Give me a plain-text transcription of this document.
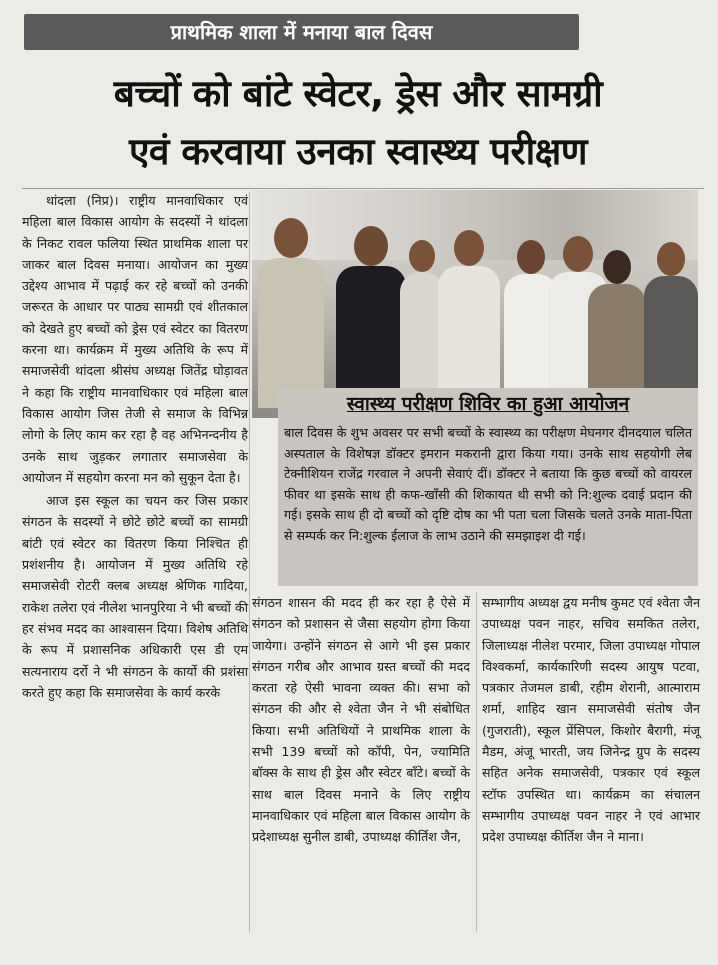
प्राथमिक शाला में मनाया बाल दिवस
बच्चों को बांटे स्वेटर, ड्रेस और सामग्री
एवं करवाया उनका स्वास्थ्य परीक्षण

थांदला (निप्र)। राष्ट्रीय मानवाधिकार एवं महिला बाल विकास आयोग के सदस्यों ने थांदला के निकट रावल फलिया स्थित प्राथमिक शाला पर जाकर बाल दिवस मनाया। आयोजन का मुख्य उद्देश्य आभाव में पढ़ाई कर रहे बच्चों को उनकी जरूरत के आधार पर पाठ्य सामग्री एवं शीतकाल को देखते हुए बच्चों को ड्रेस एवं स्वेटर का वितरण करना था। कार्यक्रम में मुख्य अतिथि के रूप में समाजसेवी थांदला श्रीसंघ अध्यक्ष जितेंद्र घोड़ावत ने कहा कि राष्ट्रीय मानवाधिकार एवं महिला बाल विकास आयोग जिस तेजी से समाज के विभिन्न लोगो के लिए काम कर रहा है वह अभिनन्दनीय है उनके साथ जुड़कर लगातार समाजसेवा के आयोजन में सहयोग करना मन को सुकून देता है।

आज इस स्कूल का चयन कर जिस प्रकार संगठन के सदस्यों ने छोटे छोटे बच्चों का सामग्री बांटी एवं स्वेटर का वितरण किया निश्चित ही प्रशंशनीय है। आयोजन में मुख्य अतिथि रहे समाजसेवी रोटरी क्लब अध्यक्ष श्रेणिक गादिया, राकेश तलेरा एवं नीलेश भानपुरिया ने भी बच्चों की हर संभव मदद का आश्वासन दिया। विशेष अतिथि के रूप में प्रशासनिक अधिकारी एस डी एम सत्यनाराय दर्रो ने भी संगठन के कार्यो की प्रशंसा करते हुए कहा कि समाजसेवा के कार्य करके

स्वास्थ्य परीक्षण शिविर का हुआ आयोजन
बाल दिवस के शुभ अवसर पर सभी बच्चों के स्वास्थ्य का परीक्षण मेघनगर दीनदयाल चलित अस्पताल के विशेषज्ञ डॉक्टर इमरान मकरानी द्वारा किया गया। उनके साथ सहयोगी लेब टेक्नीशियन राजेंद्र गरवाल ने अपनी सेवाएं दीं। डॉक्टर ने बताया कि कुछ बच्चों को वायरल फीवर था इसके साथ ही कफ-खाँसी की शिकायत थी सभी को नि:शुल्क दवाई प्रदान की गई। इसके साथ ही दो बच्चों को दृष्टि दोष का भी पता चला जिसके चलते उनके माता-पिता से सम्पर्क कर नि:शुल्क ईलाज के लाभ उठाने की समझाइश दी गई।

संगठन शासन की मदद ही कर रहा है ऐसे में संगठन को प्रशासन से जैसा सहयोग होगा किया जायेगा। उन्होंने संगठन से आगे भी इस प्रकार संगठन गरीब और आभाव ग्रस्त बच्चों की मदद करता रहे ऐसी भावना व्यक्त की। सभा को संगठन की और से श्वेता जैन ने भी संबोधित किया। सभी अतिथियों ने प्राथमिक शाला के सभी 139 बच्चों को कॉपी, पेन, ज्यामिति बॉक्स के साथ ही ड्रेस और स्वेटर बाँटे। बच्चों के साथ बाल दिवस मनाने के लिए राष्ट्रीय मानवाधिकार एवं महिला बाल विकास आयोग के प्रदेशाध्यक्ष सुनील डाबी, उपाध्यक्ष कीर्तिश जैन,

सम्भागीय अध्यक्ष द्वय मनीष कुमट एवं श्वेता जैन उपाध्यक्ष पवन नाहर, सचिव समकित तलेरा, जिलाध्यक्ष नीलेश परमार, जिला उपाध्यक्ष गोपाल विश्वकर्मा, कार्यकारिणी सदस्य आयुष पटवा, पत्रकार तेजमल डाबी, रहीम शेरानी, आत्माराम शर्मा, शाहिद खान समाजसेवी संतोष जैन (गुजराती), स्कूल प्रेंसिपल, किशोर बैरागी, मंजू मैडम, अंजू भारती, जय जिनेन्द्र ग्रुप के सदस्य सहित अनेक समाजसेवी, पत्रकार एवं स्कूल स्टॉफ उपस्थित था। कार्यक्रम का संचालन सम्भागीय उपाध्यक्ष पवन नाहर ने एवं आभार प्रदेश उपाध्यक्ष कीर्तिश जैन ने माना।
